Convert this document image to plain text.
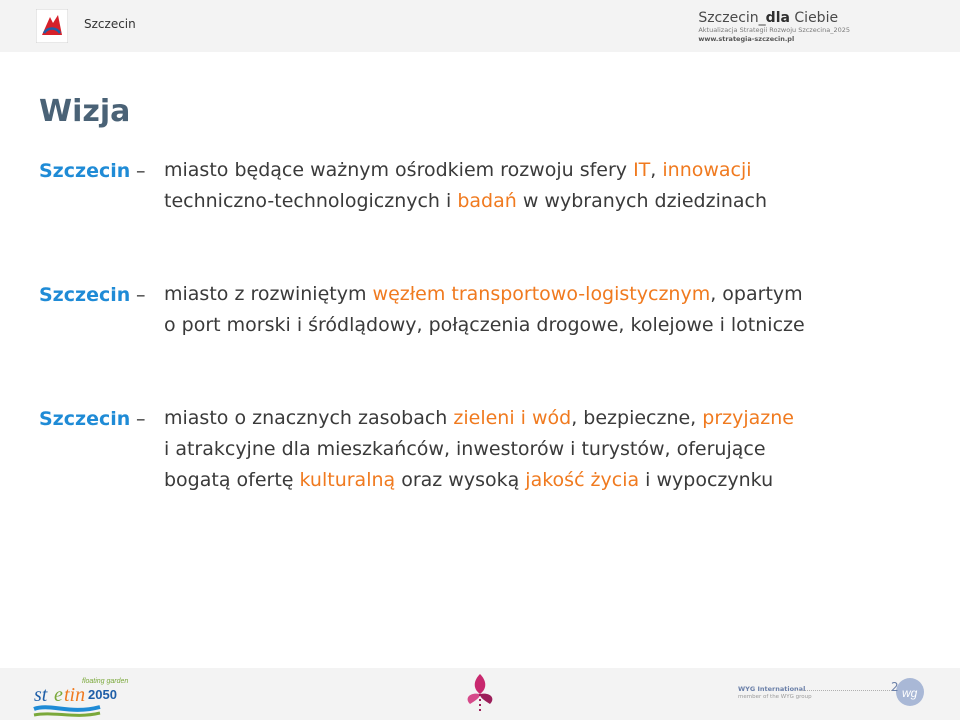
Szczecin	Szczecin_dla Ciebie
Aktualizacja Strategii Rozwoju Szczecina_2025
www.strategia-szczecin.pl
Wizja
Szczecin – miasto będące ważnym ośrodkiem rozwoju sfery IT, innowacji
techniczno-technologicznych i badań w wybranych dziedzinach
Szczecin – miasto z rozwiniętym węzłem transportowo-logistycznym, opartym
o port morski i śródlądowy, połączenia drogowe, kolejowe i lotnicze
Szczecin – miasto o znacznych zasobach zieleni i wód, bezpieczne, przyjazne
i atrakcyjne dla mieszkańców, inwestorów i turystów, oferujące
bogatą ofertę kulturalną oraz wysoką jakość życia i wypoczynku
floating garden
st e tin 2050	WYG International
member of the WYG group	wg
2
